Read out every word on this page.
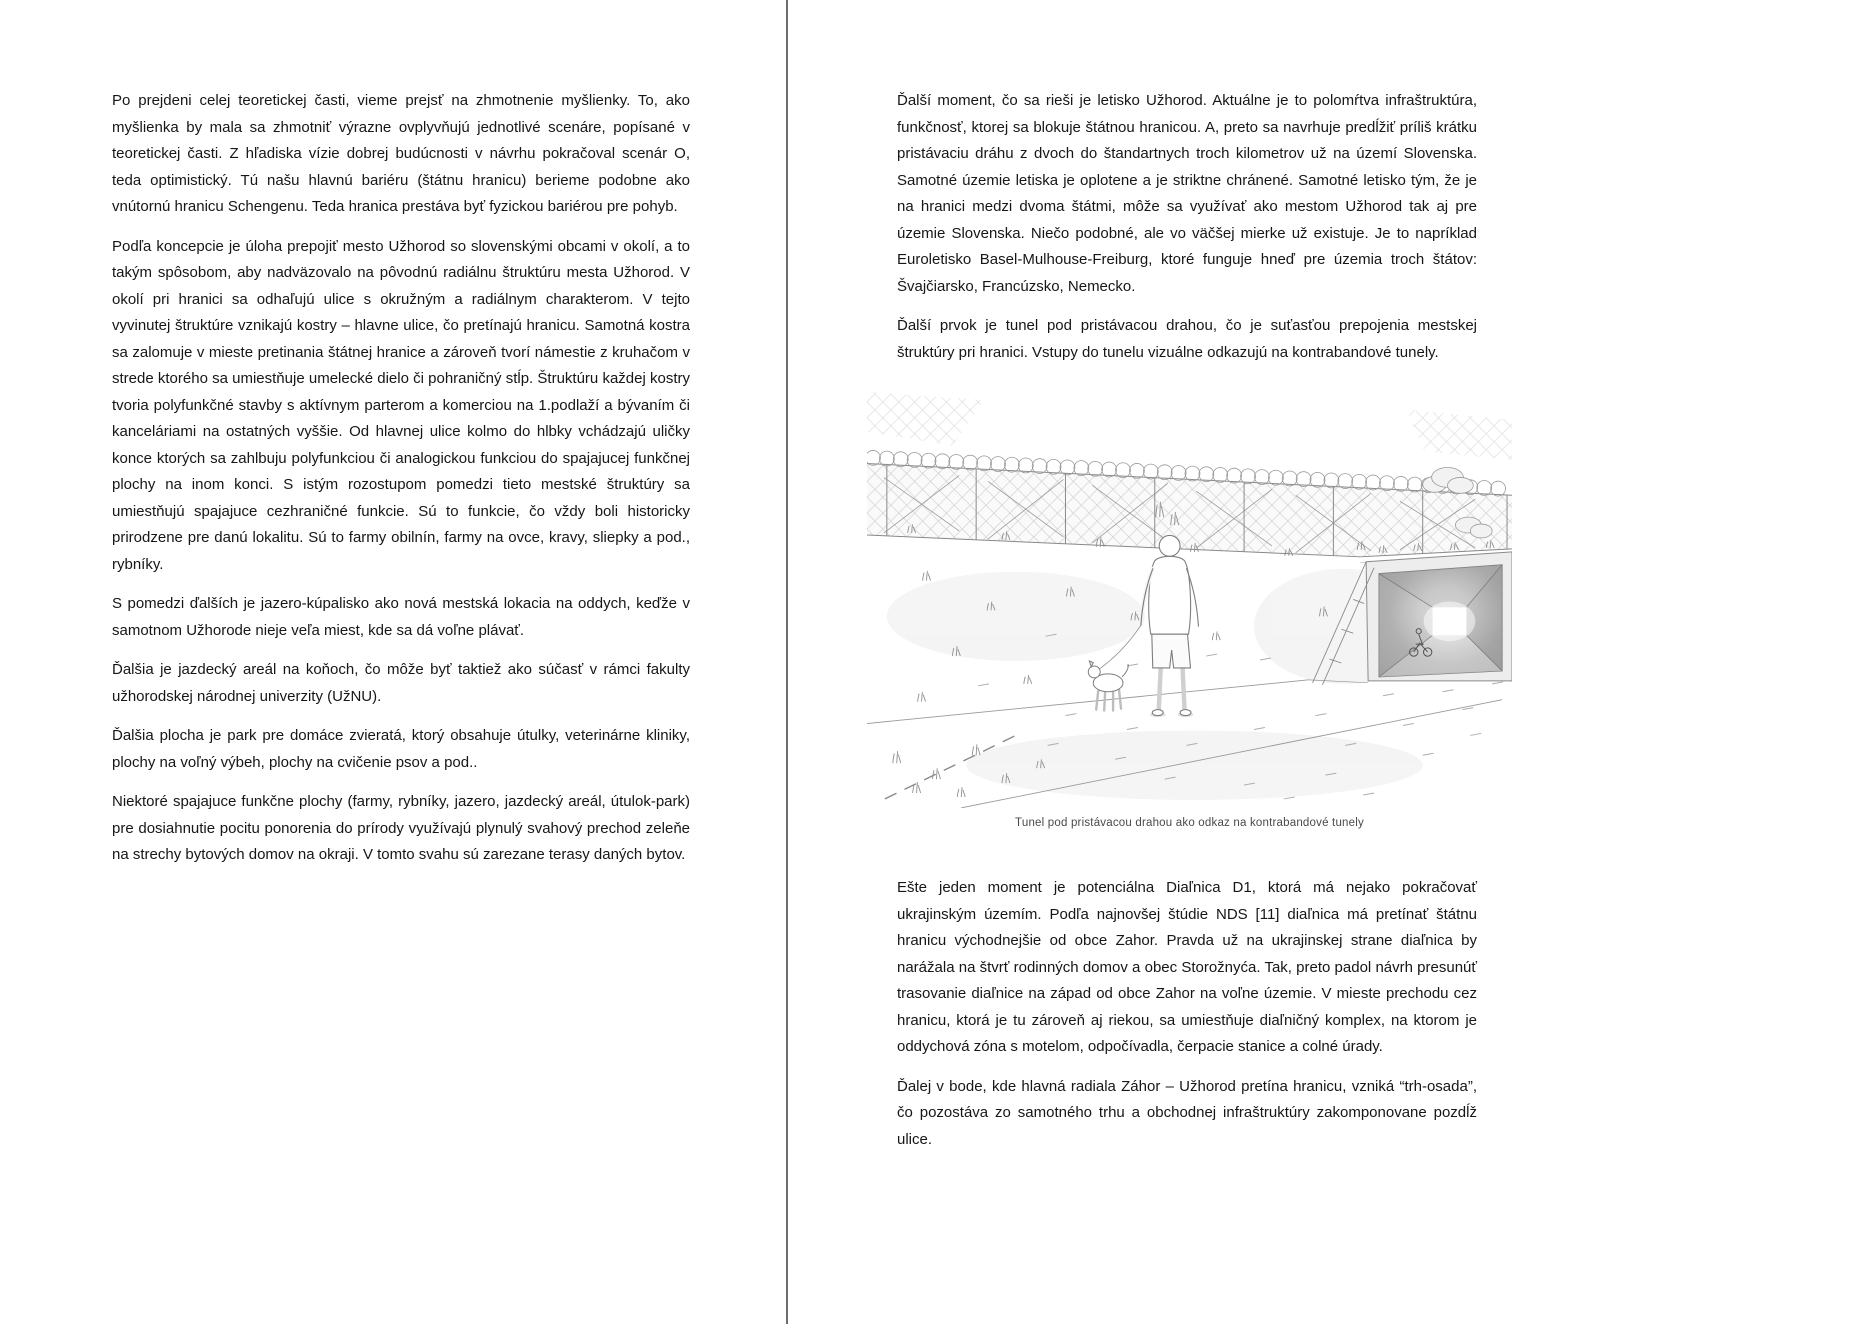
Po prejdeni celej teoretickej časti, vieme prejsť na zhmotnenie myšlienky. To, ako myšlienka by mala sa zhmotniť výrazne ovplyvňujú jednotlivé scenáre, popísané v teoretickej časti. Z hľadiska vízie dobrej budúcnosti v návrhu pokračoval scenár O, teda optimistický. Tú našu hlavnú bariéru (štátnu hranicu) berieme podobne ako vnútornú hranicu Schengenu. Teda hranica prestáva byť fyzickou bariérou pre pohyb.

Podľa koncepcie je úloha prepojiť mesto Užhorod so slovenskými obcami v okolí, a to takým spôsobom, aby nadväzovalo na pôvodnú radiálnu štruktúru mesta Užhorod. V okolí pri hranici sa odhaľujú ulice s okružným a radiálnym charakterom. V tejto vyvinutej štruktúre vznikajú kostry – hlavne ulice, čo pretínajú hranicu. Samotná kostra sa zalomuje v mieste pretinania štátnej hranice a zároveň tvorí námestie z kruhačom v strede ktorého sa umiestňuje umelecké dielo či pohraničný stĺp. Štruktúru každej kostry tvoria polyfunkčné stavby s aktívnym parterom a komerciou na 1.podlaží a bývaním či kanceláriami na ostatných vyššie. Od hlavnej ulice kolmo do hlbky vchádzajú uličky konce ktorých sa zahlbuju polyfunkciou či analogickou funkciou do spajajucej funkčnej plochy na inom konci. S istým rozostupom pomedzi tieto mestské štruktúry sa umiestňujú spajajuce cezhraničné funkcie. Sú to funkcie, čo vždy boli historicky prirodzene pre danú lokalitu. Sú to farmy obilnín, farmy na ovce, kravy, sliepky a pod., rybníky.

S pomedzi ďalších je jazero-kúpalisko ako nová mestská lokacia na oddych, keďže v samotnom Užhorode nieje veľa miest, kde sa dá voľne plávať.

Ďalšia je jazdecký areál na koňoch, čo môže byť taktiež ako súčasť v rámci fakulty užhorodskej národnej univerzity (UžNU).

Ďalšia plocha je park pre domáce zvieratá, ktorý obsahuje útulky, veterinárne kliniky, plochy na voľný výbeh, plochy na cvičenie psov a pod..

Niektoré spajajuce funkčne plochy (farmy, rybníky, jazero, jazdecký areál, útulok-park) pre dosiahnutie pocitu ponorenia do prírody využívajú plynulý svahový prechod zeleňe na strechy bytových domov na okraji. V tomto svahu sú zarezane terasy daných bytov.

Ďalší moment, čo sa rieši je letisko Užhorod. Aktuálne je to polomŕtva infraštruktúra, funkčnosť, ktorej sa blokuje štátnou hranicou. A, preto sa navrhuje predĺžiť príliš krátku pristávaciu dráhu z dvoch do štandartnych troch kilometrov už na území Slovenska. Samotné územie letiska je oplotene a je striktne chránené. Samotné letisko tým, že je na hranici medzi dvoma štátmi, môže sa využívať ako mestom Užhorod tak aj pre územie Slovenska. Niečo podobné, ale vo väčšej mierke už existuje. Je to napríklad Euroletisko Basel-Mulhouse-Freiburg, ktoré funguje hneď pre územia troch štátov: Švajčiarsko, Francúzsko, Nemecko.

Ďalší prvok je tunel pod pristávacou drahou, čo je suťasťou prepojenia mestskej štruktúry pri hranici. Vstupy do tunelu vizuálne odkazujú na kontrabandové tunely.

Tunel pod pristávacou drahou ako odkaz na kontrabandové tunely

Ešte jeden moment je potenciálna Diaľnica D1, ktorá má nejako pokračovať ukrajinským územím. Podľa najnovšej štúdie NDS [11] diaľnica má pretínať štátnu hranicu východnejšie od obce Zahor. Pravda už na ukrajinskej strane diaľnica by narážala na štvrť rodinných domov a obec Storožnyća. Tak, preto padol návrh presunúť trasovanie diaľnice na západ od obce Zahor na voľne územie. V mieste prechodu cez hranicu, ktorá je tu zároveň aj riekou, sa umiestňuje diaľničný komplex, na ktorom je oddychová zóna s motelom, odpočívadla, čerpacie stanice a colné úrady.

Ďalej v bode, kde hlavná radiala Záhor – Užhorod pretína hranicu, vzniká “trh-osada”, čo pozostáva zo samotného trhu a obchodnej infraštruktúry zakomponovane pozdĺž ulice.
